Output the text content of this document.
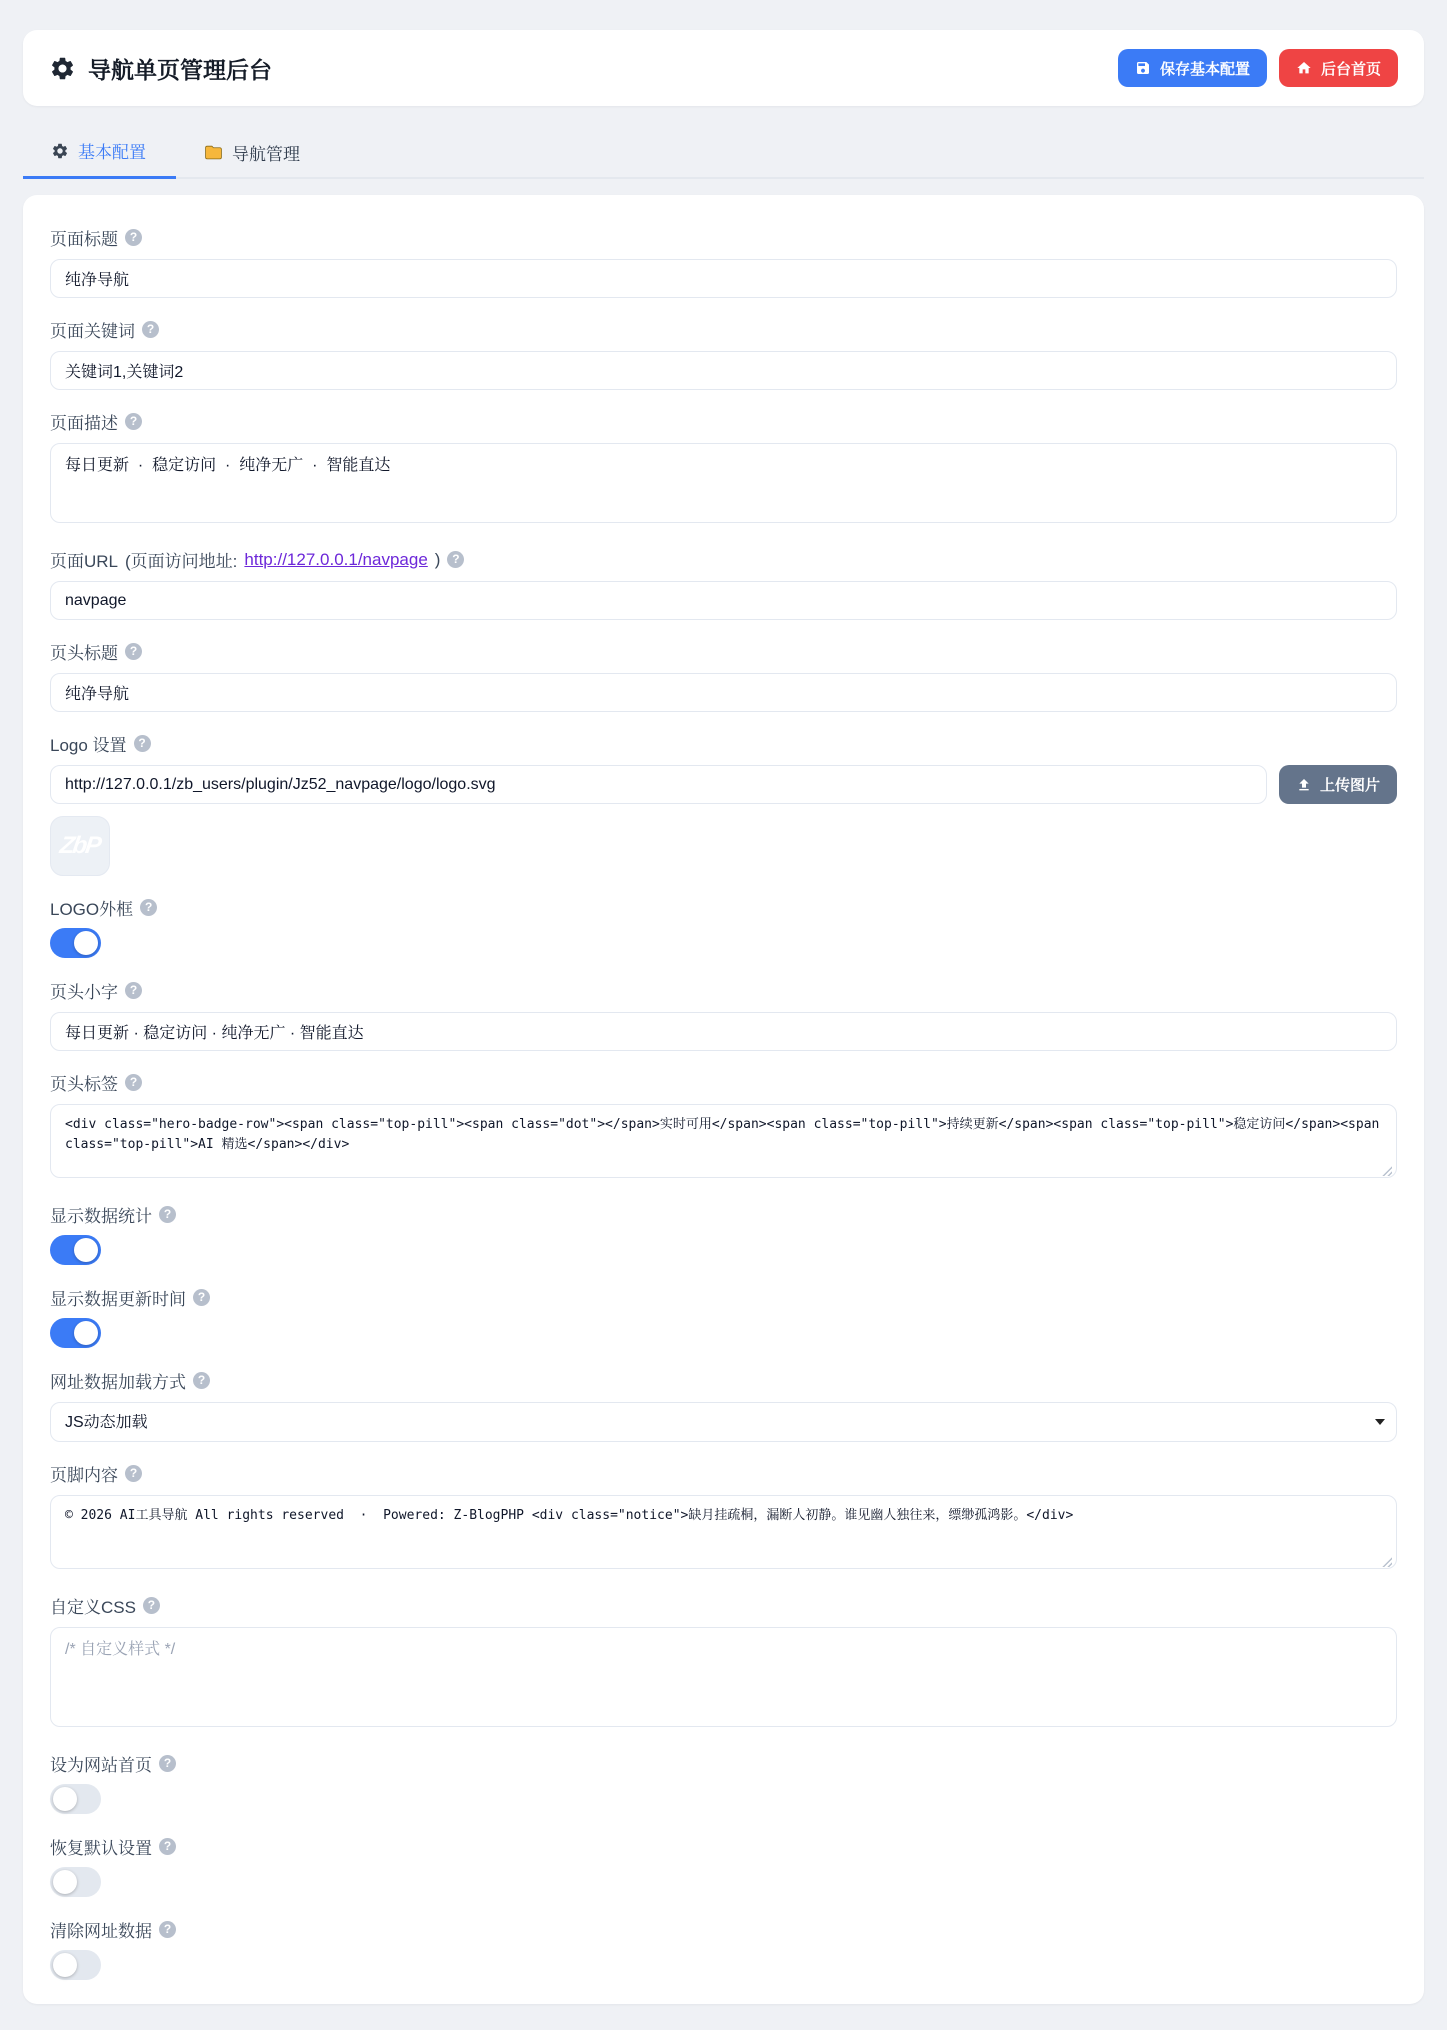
导航单页管理后台	保存基本配置	后台首页
基本配置	导航管理
页面标题 ?
纯净导航
页面关键词 ?
关键词1,关键词2
页面描述 ?
每日更新 · 稳定访问 · 纯净无广 · 智能直达
页面URL (页面访问地址: http://127.0.0.1/navpage ) ?
navpage
页头标题 ?
纯净导航
Logo 设置 ?
http://127.0.0.1/zb_users/plugin/Jz52_navpage/logo/logo.svg
上传图片
ZbP
LOGO外框 ?
页头小字 ?
每日更新 · 稳定访问 · 纯净无广 · 智能直达
页头标签 ?
<div class="hero-badge-row"><span class="top-pill"><span class="dot"></span>实时可用</span><span class="top-pill">持续更新</span><span class="top-pill">稳定访问</span><span class="top-pill">AI 精选</span></div>
显示数据统计 ?
显示数据更新时间 ?
网址数据加载方式 ?
JS动态加载
页脚内容 ?
© 2026 AI工具导航 All rights reserved · Powered: Z-BlogPHP <div class="notice">缺月挂疏桐，漏断人初静。谁见幽人独往来，缥缈孤鸿影。</div>
自定义CSS ?
/* 自定义样式 */
设为网站首页 ?
恢复默认设置 ?
清除网址数据 ?
